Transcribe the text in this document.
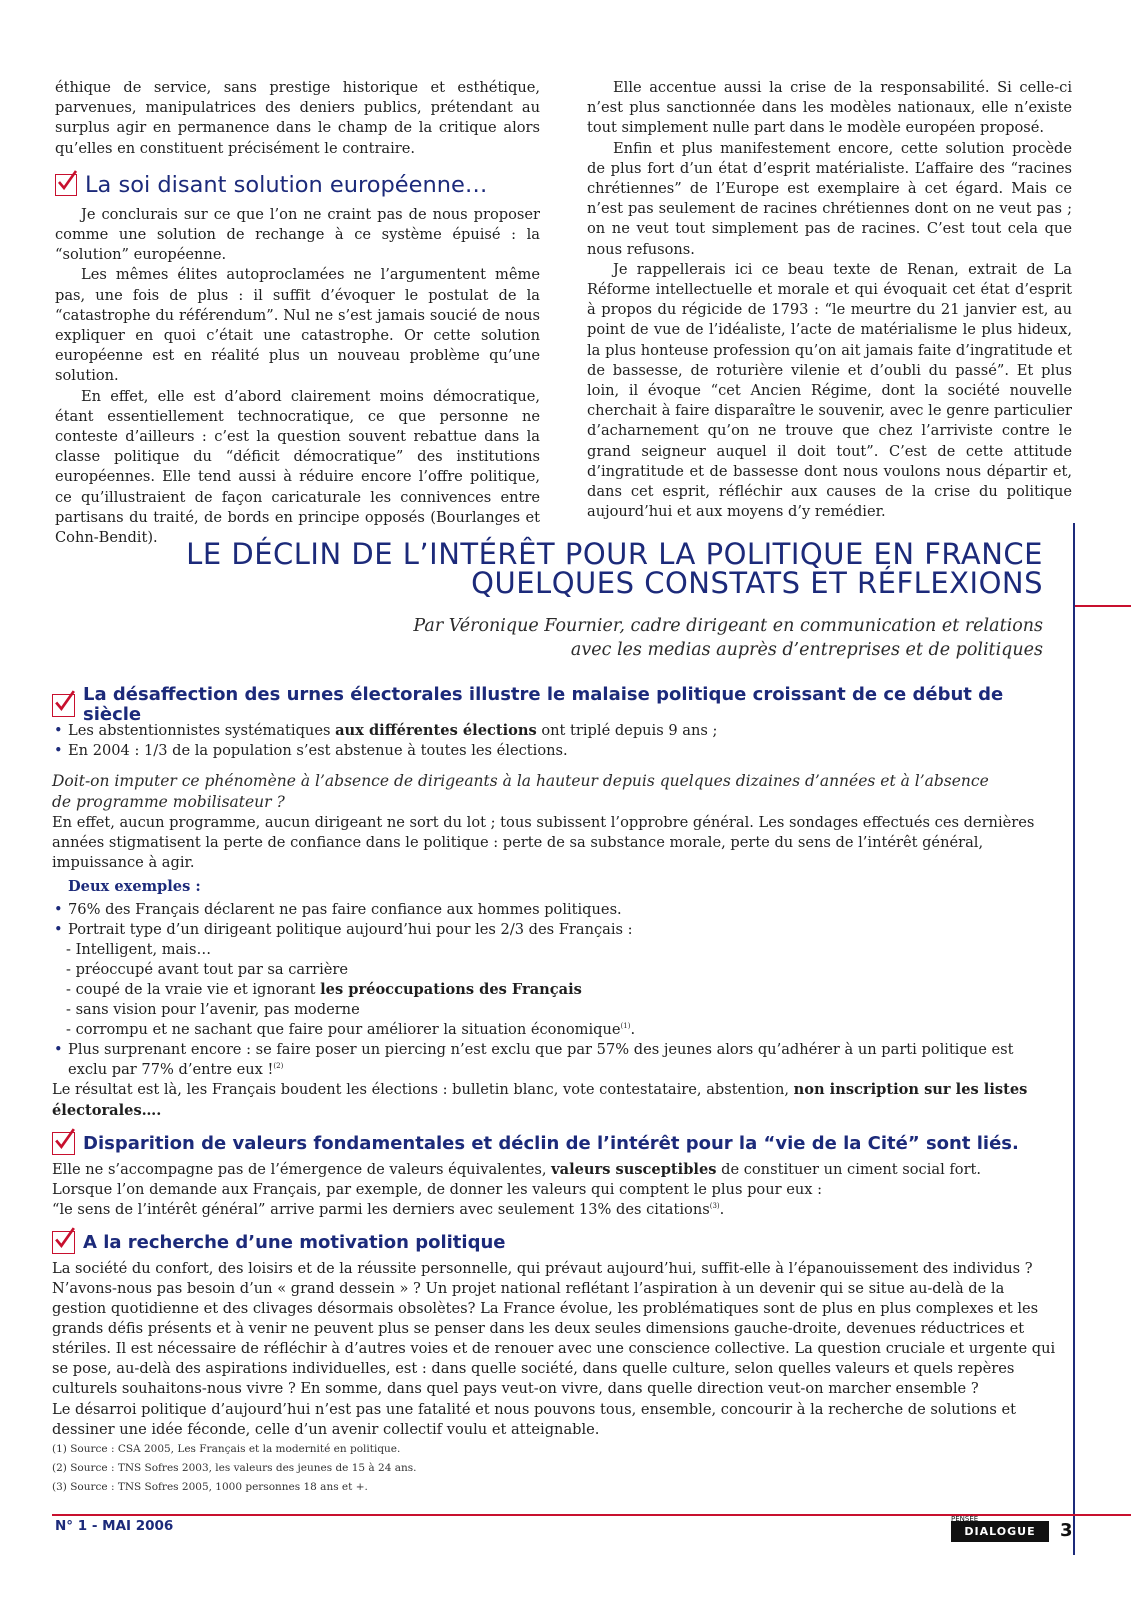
éthique de service, sans prestige historique et esthétique, parvenues, manipulatrices des deniers publics, prétendant au surplus agir en permanence dans le champ de la critique alors qu’elles en constituent précisément le contraire.

La soi disant solution européenne…

Je conclurais sur ce que l’on ne craint pas de nous proposer comme une solution de rechange à ce système épuisé : la “solution” européenne.

Les mêmes élites autoproclamées ne l’argumentent même pas, une fois de plus : il suffit d’évoquer le postulat de la “catastrophe du référendum”. Nul ne s’est jamais soucié de nous expliquer en quoi c’était une catastrophe. Or cette solution européenne est en réalité plus un nouveau problème qu’une solution.

En effet, elle est d’abord clairement moins démocratique, étant essentiellement technocratique, ce que personne ne conteste d’ailleurs : c’est la question souvent rebattue dans la classe politique du “déficit démocratique” des institutions européennes. Elle tend aussi à réduire encore l’offre politique, ce qu’illustraient de façon caricaturale les connivences entre partisans du traité, de bords en principe opposés (Bourlanges et Cohn-Bendit).

Elle accentue aussi la crise de la responsabilité. Si celle-ci n’est plus sanctionnée dans les modèles nationaux, elle n’existe tout simplement nulle part dans le modèle européen proposé.

Enfin et plus manifestement encore, cette solution procède de plus fort d’un état d’esprit matérialiste. L’affaire des “racines chrétiennes” de l’Europe est exemplaire à cet égard. Mais ce n’est pas seulement de racines chrétiennes dont on ne veut pas ; on ne veut tout simplement pas de racines. C’est tout cela que nous refusons.

Je rappellerais ici ce beau texte de Renan, extrait de La Réforme intellectuelle et morale et qui évoquait cet état d’esprit à propos du régicide de 1793 : “le meurtre du 21 janvier est, au point de vue de l’idéaliste, l’acte de matérialisme le plus hideux, la plus honteuse profession qu’on ait jamais faite d’ingratitude et de bassesse, de roturière vilenie et d’oubli du passé”. Et plus loin, il évoque “cet Ancien Régime, dont la société nouvelle cherchait à faire disparaître le souvenir, avec le genre particulier d’acharnement qu’on ne trouve que chez l’arriviste contre le grand seigneur auquel il doit tout”. C’est de cette attitude d’ingratitude et de bassesse dont nous voulons nous départir et, dans cet esprit, réfléchir aux causes de la crise du politique aujourd’hui et aux moyens d’y remédier.

LE DÉCLIN DE L’INTÉRÊT POUR LA POLITIQUE EN FRANCE
QUELQUES CONSTATS ET RÉFLEXIONS
Par Véronique Fournier, cadre dirigeant en communication et relations
avec les medias auprès d’entreprises et de politiques
La désaffection des urnes électorales illustre le malaise politique croissant de ce début de siècle
• Les abstentionnistes systématiques aux différentes élections ont triplé depuis 9 ans ;
• En 2004 : 1/3 de la population s’est abstenue à toutes les élections.

Doit-on imputer ce phénomène à l’absence de dirigeants à la hauteur depuis quelques dizaines d’années et à l’absence
de programme mobilisateur ?

En effet, aucun programme, aucun dirigeant ne sort du lot ; tous subissent l’opprobre général. Les sondages effectués ces dernières années stigmatisent la perte de confiance dans le politique : perte de sa substance morale, perte du sens de l’intérêt général, impuissance à agir.

Deux exemples :

• 76% des Français déclarent ne pas faire confiance aux hommes politiques.
• Portrait type d’un dirigeant politique aujourd’hui pour les 2/3 des Français :
- Intelligent, mais…
- préoccupé avant tout par sa carrière
- coupé de la vraie vie et ignorant les préoccupations des Français
- sans vision pour l’avenir, pas moderne
- corrompu et ne sachant que faire pour améliorer la situation économique$^{(1)}$.
• Plus surprenant encore : se faire poser un piercing n’est exclu que par 57% des jeunes alors qu’adhérer à un parti politique est exclu par 77% d’entre eux !$^{(2)}$

Le résultat est là, les Français boudent les élections : bulletin blanc, vote contestataire, abstention, non inscription sur les listes électorales….

Disparition de valeurs fondamentales et déclin de l’intérêt pour la “vie de la Cité” sont liés.

Elle ne s’accompagne pas de l’émergence de valeurs équivalentes, valeurs susceptibles de constituer un ciment social fort.

Lorsque l’on demande aux Français, par exemple, de donner les valeurs qui comptent le plus pour eux :

“le sens de l’intérêt général” arrive parmi les derniers avec seulement 13% des citations$^{(3)}$.

A la recherche d’une motivation politique

La société du confort, des loisirs et de la réussite personnelle, qui prévaut aujourd’hui, suffit-elle à l’épanouissement des individus ? N’avons-nous pas besoin d’un « grand dessein » ? Un projet national reflétant l’aspiration à un devenir qui se situe au-delà de la gestion quotidienne et des clivages désormais obsolètes? La France évolue, les problématiques sont de plus en plus complexes et les grands défis présents et à venir ne peuvent plus se penser dans les deux seules dimensions gauche-droite, devenues réductrices et stériles. Il est nécessaire de réfléchir à d’autres voies et de renouer avec une conscience collective. La question cruciale et urgente qui se pose, au-delà des aspirations individuelles, est : dans quelle société, dans quelle culture, selon quelles valeurs et quels repères culturels souhaitons-nous vivre ? En somme, dans quel pays veut-on vivre, dans quelle direction veut-on marcher ensemble ?

Le désarroi politique d’aujourd’hui n’est pas une fatalité et nous pouvons tous, ensemble, concourir à la recherche de solutions et dessiner une idée féconde, celle d’un avenir collectif voulu et atteignable.

(1) Source : CSA 2005, Les Français et la modernité en politique.
(2) Source : TNS Sofres 2003, les valeurs des jeunes de 15 à 24 ans.
(3) Source : TNS Sofres 2005, 1000 personnes 18 ans et +.
N° 1 - MAI 2006	PENSÉE
DIALOGUE	3
